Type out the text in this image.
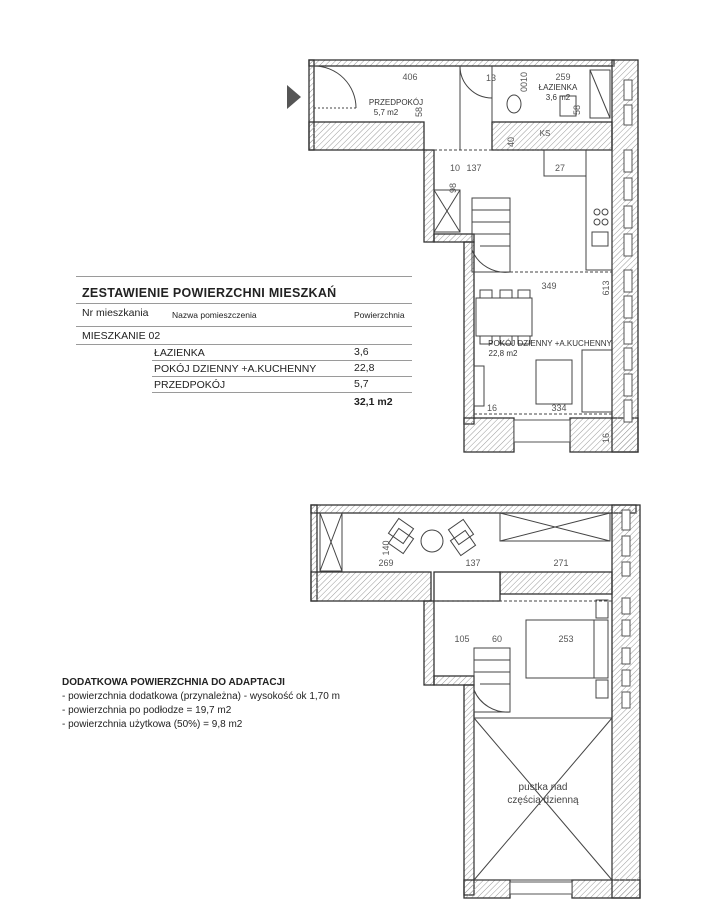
PRZEDPOKÓJ
5,7 m2
ŁAZIENKA
3,6 m2
POKÓJ DZIENNY +A.KUCHENNY
22,8 m2
406	13	0010	259
58	58
40
KS
27
10 137
98
349	613
16	334
16
140
269	137	271
105 60	253
pustka nad
częścią dzienną
ZESTAWIENIE POWIERZCHNI MIESZKAŃ
Nr mieszkania	Nazwa pomieszczenia	Powierzchnia
MIESZKANIE 02
ŁAZIENKA	3,6
POKÓJ DZIENNY +A.KUCHENNY	22,8
PRZEDPOKÓJ	5,7
32,1 m2
DODATKOWA POWIERZCHNIA DO ADAPTACJI
- powierzchnia dodatkowa (przynależna) - wysokość ok 1,70 m
- powierzchnia po podłodze = 19,7 m2
- powierzchnia użytkowa (50%) = 9,8 m2
